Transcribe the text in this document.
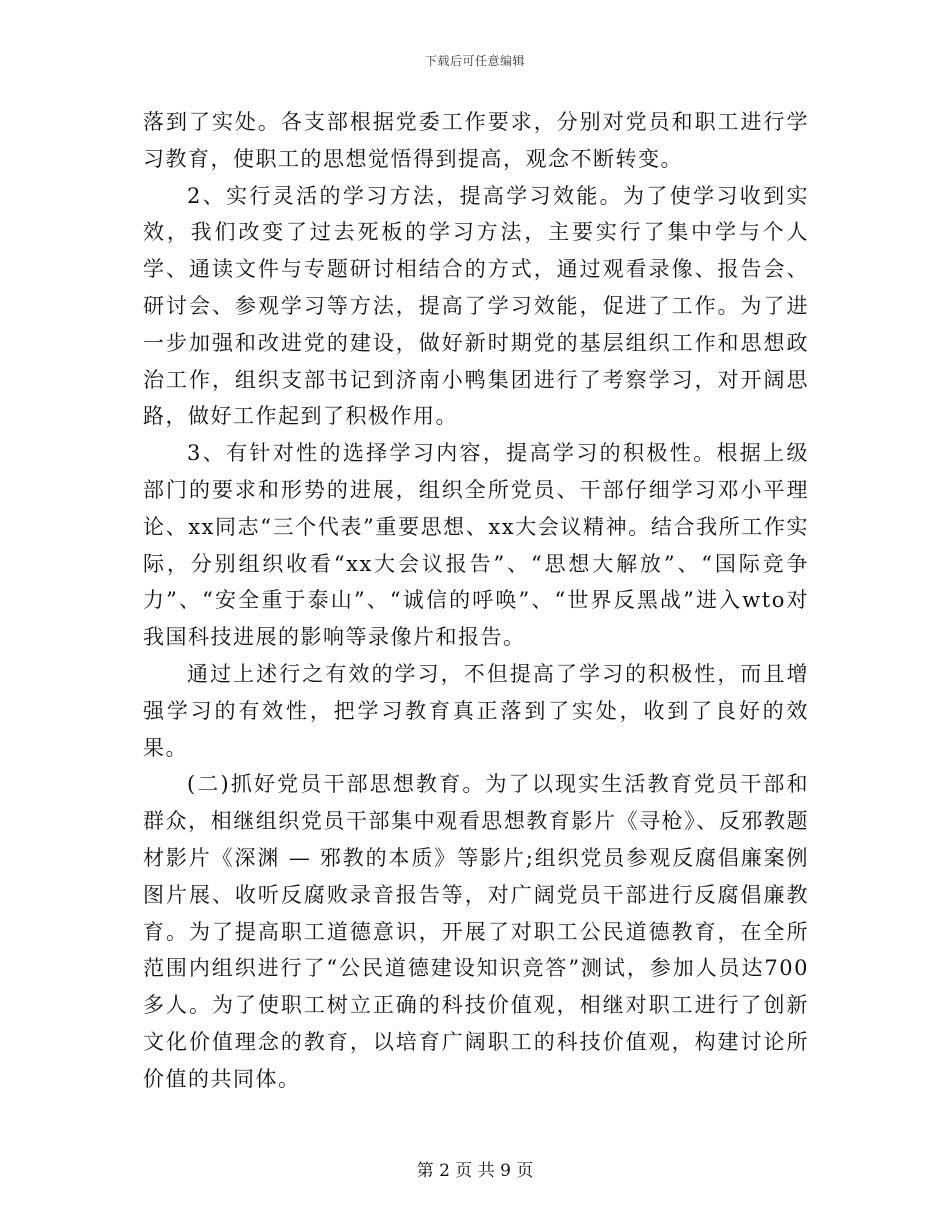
下载后可任意编辑

落到了实处。各支部根据党委工作要求，分别对党员和职工进行学习教育，使职工的思想觉悟得到提高，观念不断转变。

2、实行灵活的学习方法，提高学习效能。为了使学习收到实效，我们改变了过去死板的学习方法，主要实行了集中学与个人学、通读文件与专题研讨相结合的方式，通过观看录像、报告会、研讨会、参观学习等方法，提高了学习效能，促进了工作。为了进一步加强和改进党的建设，做好新时期党的基层组织工作和思想政治工作，组织支部书记到济南小鸭集团进行了考察学习，对开阔思路，做好工作起到了积极作用。

3、有针对性的选择学习内容，提高学习的积极性。根据上级部门的要求和形势的进展，组织全所党员、干部仔细学习邓小平理论、xx同志“三个代表”重要思想、xx大会议精神。结合我所工作实际，分别组织收看“xx大会议报告”、“思想大解放”、“国际竞争力”、“安全重于泰山”、“诚信的呼唤”、“世界反黑战”进入wto对我国科技进展的影响等录像片和报告。

通过上述行之有效的学习，不但提高了学习的积极性，而且增强学习的有效性，把学习教育真正落到了实处，收到了良好的效果。

(二)抓好党员干部思想教育。为了以现实生活教育党员干部和群众，相继组织党员干部集中观看思想教育影片《寻枪》、反邪教题材影片《深渊 — 邪教的本质》等影片;组织党员参观反腐倡廉案例图片展、收听反腐败录音报告等，对广阔党员干部进行反腐倡廉教育。为了提高职工道德意识，开展了对职工公民道德教育，在全所范围内组织进行了“公民道德建设知识竞答”测试，参加人员达700多人。为了使职工树立正确的科技价值观，相继对职工进行了创新文化价值理念的教育，以培育广阔职工的科技价值观，构建讨论所价值的共同体。

第 2 页 共 9 页
